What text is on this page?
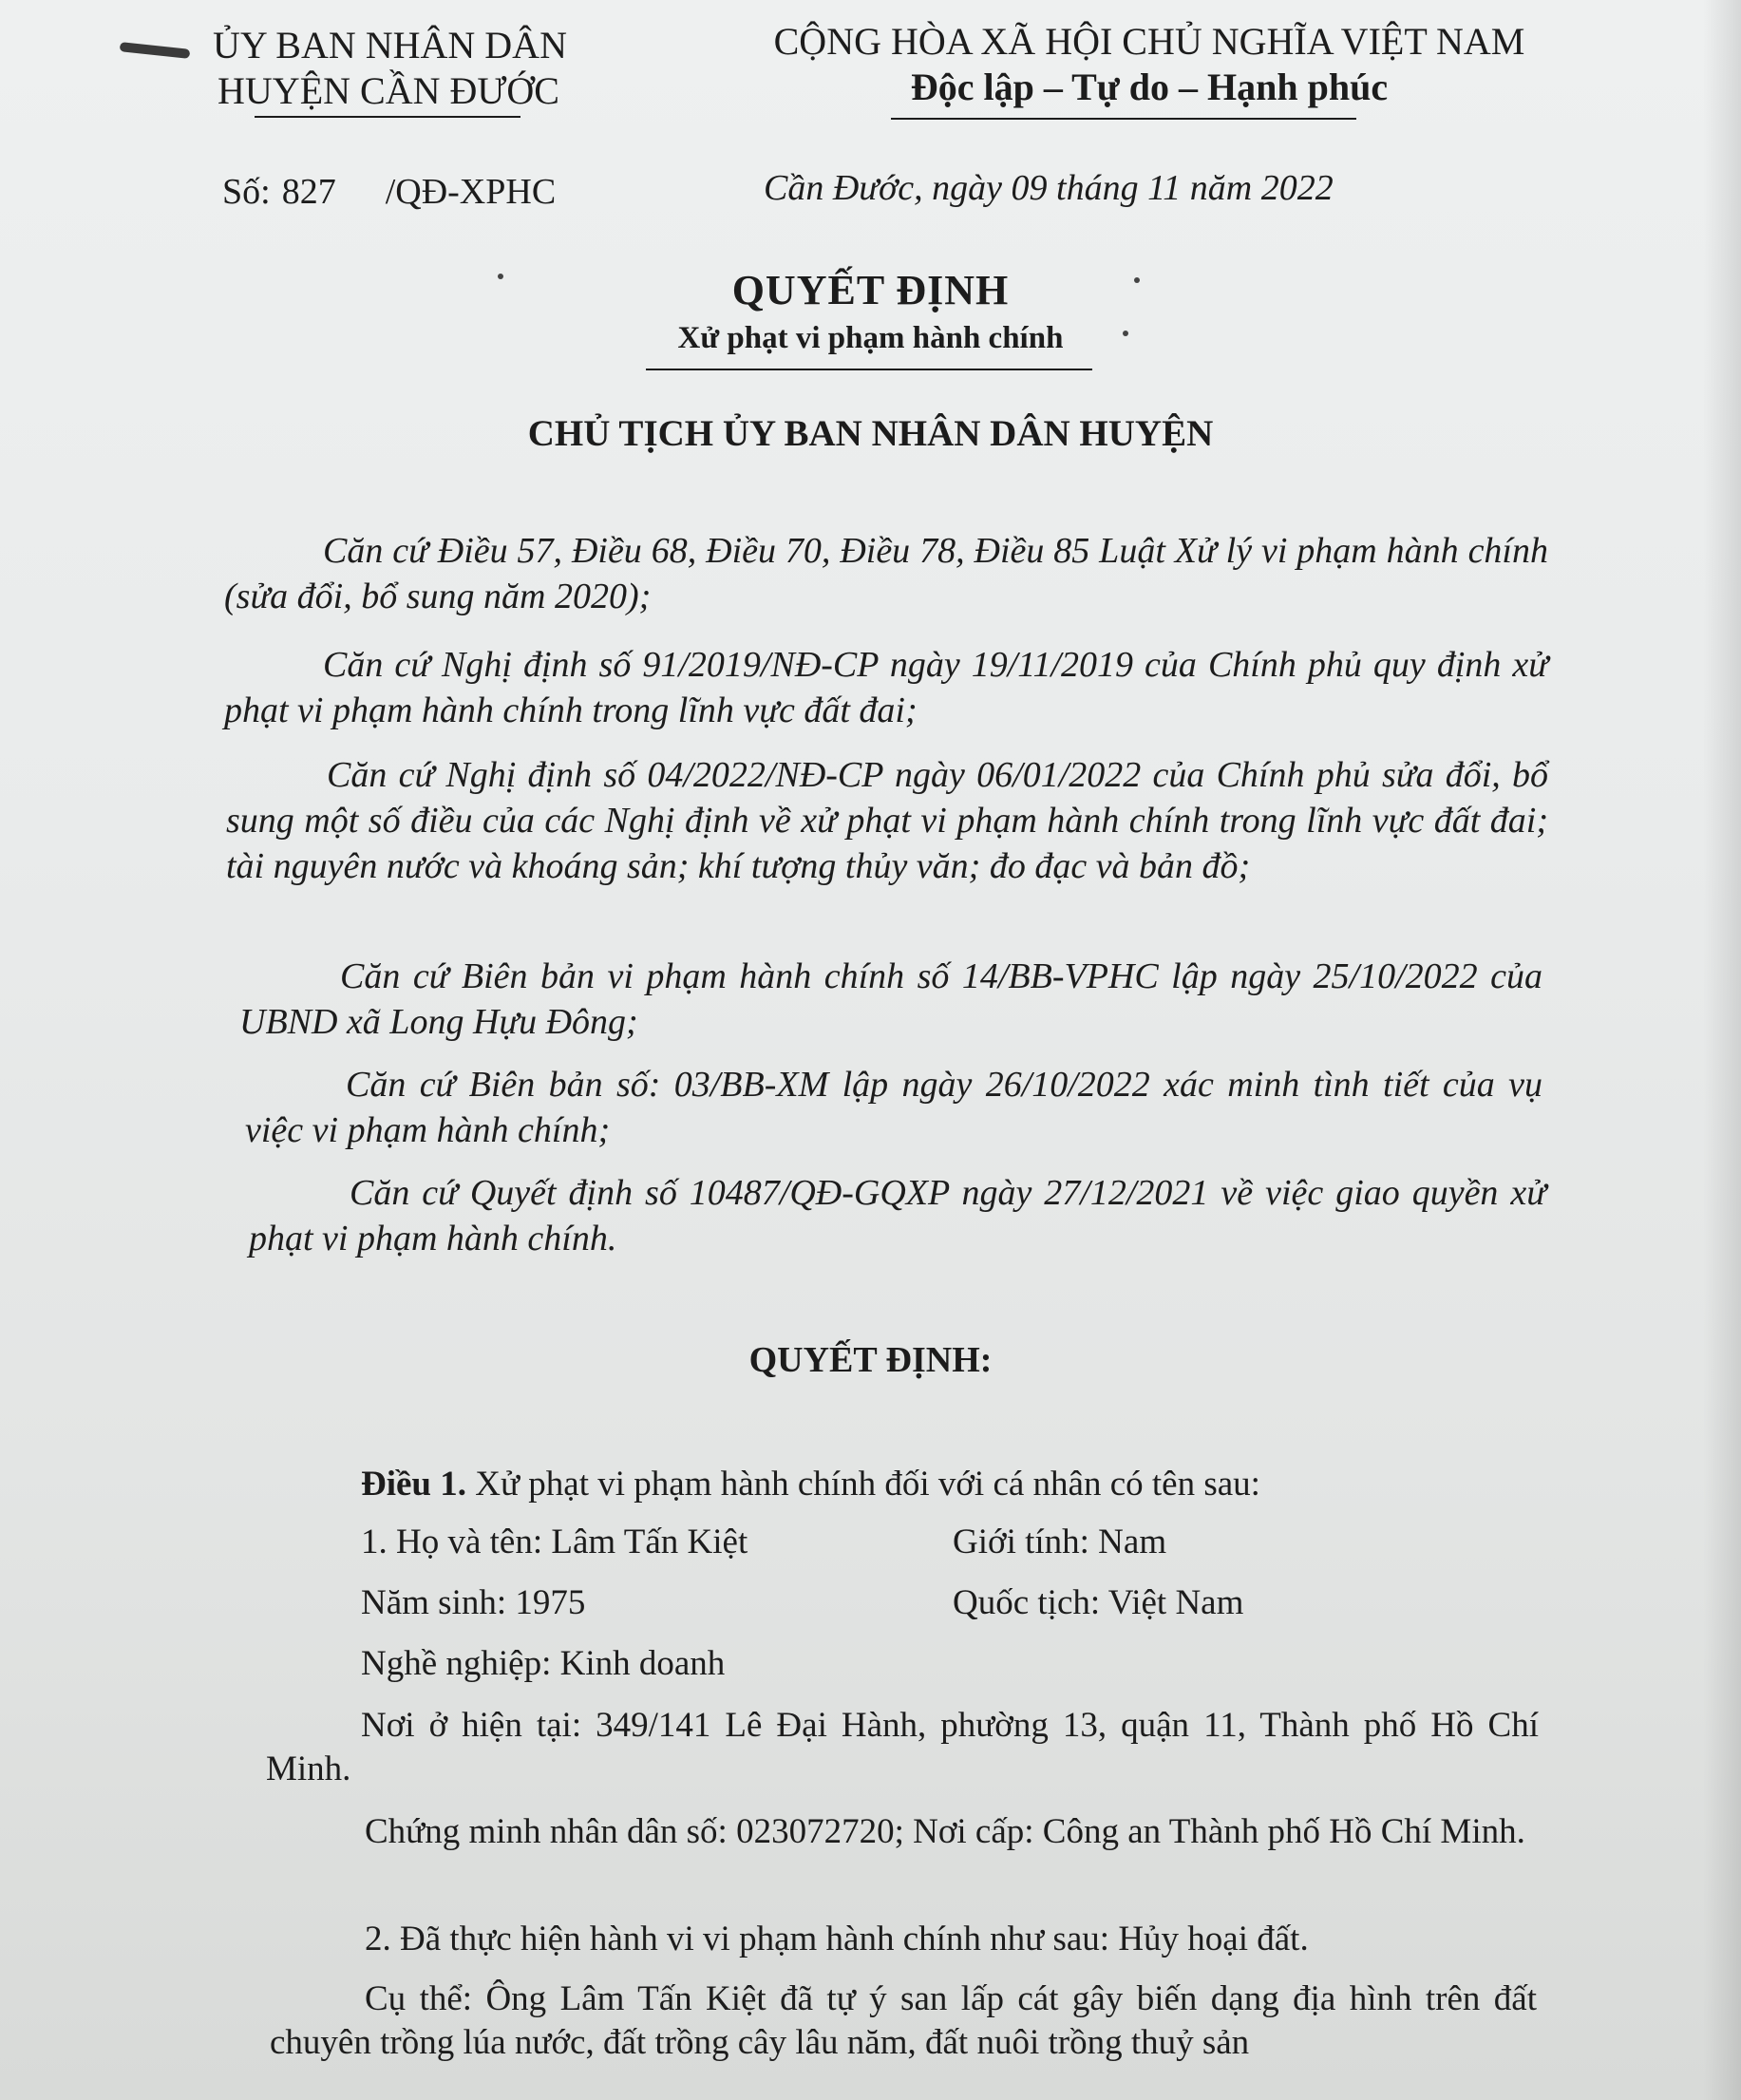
ỦY BAN NHÂN DÂN
HUYỆN CẦN ĐƯỚC
CỘNG HÒA XÃ HỘI CHỦ NGHĨA VIỆT NAM
Độc lập – Tự do – Hạnh phúc
Số: 827 /QĐ-XPHC	Cần Đước, ngày 09 tháng 11 năm 2022
QUYẾT ĐỊNH
Xử phạt vi phạm hành chính
CHỦ TỊCH ỦY BAN NHÂN DÂN HUYỆN
Căn cứ Điều 57, Điều 68, Điều 70, Điều 78, Điều 85 Luật Xử lý vi phạm hành chính (sửa đổi, bổ sung năm 2020);
Căn cứ Nghị định số 91/2019/NĐ-CP ngày 19/11/2019 của Chính phủ quy định xử phạt vi phạm hành chính trong lĩnh vực đất đai;
Căn cứ Nghị định số 04/2022/NĐ-CP ngày 06/01/2022 của Chính phủ sửa đổi, bổ sung một số điều của các Nghị định về xử phạt vi phạm hành chính trong lĩnh vực đất đai; tài nguyên nước và khoáng sản; khí tượng thủy văn; đo đạc và bản đồ;
Căn cứ Biên bản vi phạm hành chính số 14/BB-VPHC lập ngày 25/10/2022 của UBND xã Long Hựu Đông;
Căn cứ Biên bản số: 03/BB-XM lập ngày 26/10/2022 xác minh tình tiết của vụ việc vi phạm hành chính;
Căn cứ Quyết định số 10487/QĐ-GQXP ngày 27/12/2021 về việc giao quyền xử phạt vi phạm hành chính.
QUYẾT ĐỊNH:
Điều 1. Xử phạt vi phạm hành chính đối với cá nhân có tên sau:
1. Họ và tên: Lâm Tấn Kiệt	Giới tính: Nam
Năm sinh: 1975	Quốc tịch: Việt Nam
Nghề nghiệp: Kinh doanh
Nơi ở hiện tại: 349/141 Lê Đại Hành, phường 13, quận 11, Thành phố Hồ Chí Minh.
Chứng minh nhân dân số: 023072720; Nơi cấp: Công an Thành phố Hồ Chí Minh.
2. Đã thực hiện hành vi vi phạm hành chính như sau: Hủy hoại đất.
Cụ thể: Ông Lâm Tấn Kiệt đã tự ý san lấp cát gây biến dạng địa hình trên đất chuyên trồng lúa nước, đất trồng cây lâu năm, đất nuôi trồng thuỷ sản
